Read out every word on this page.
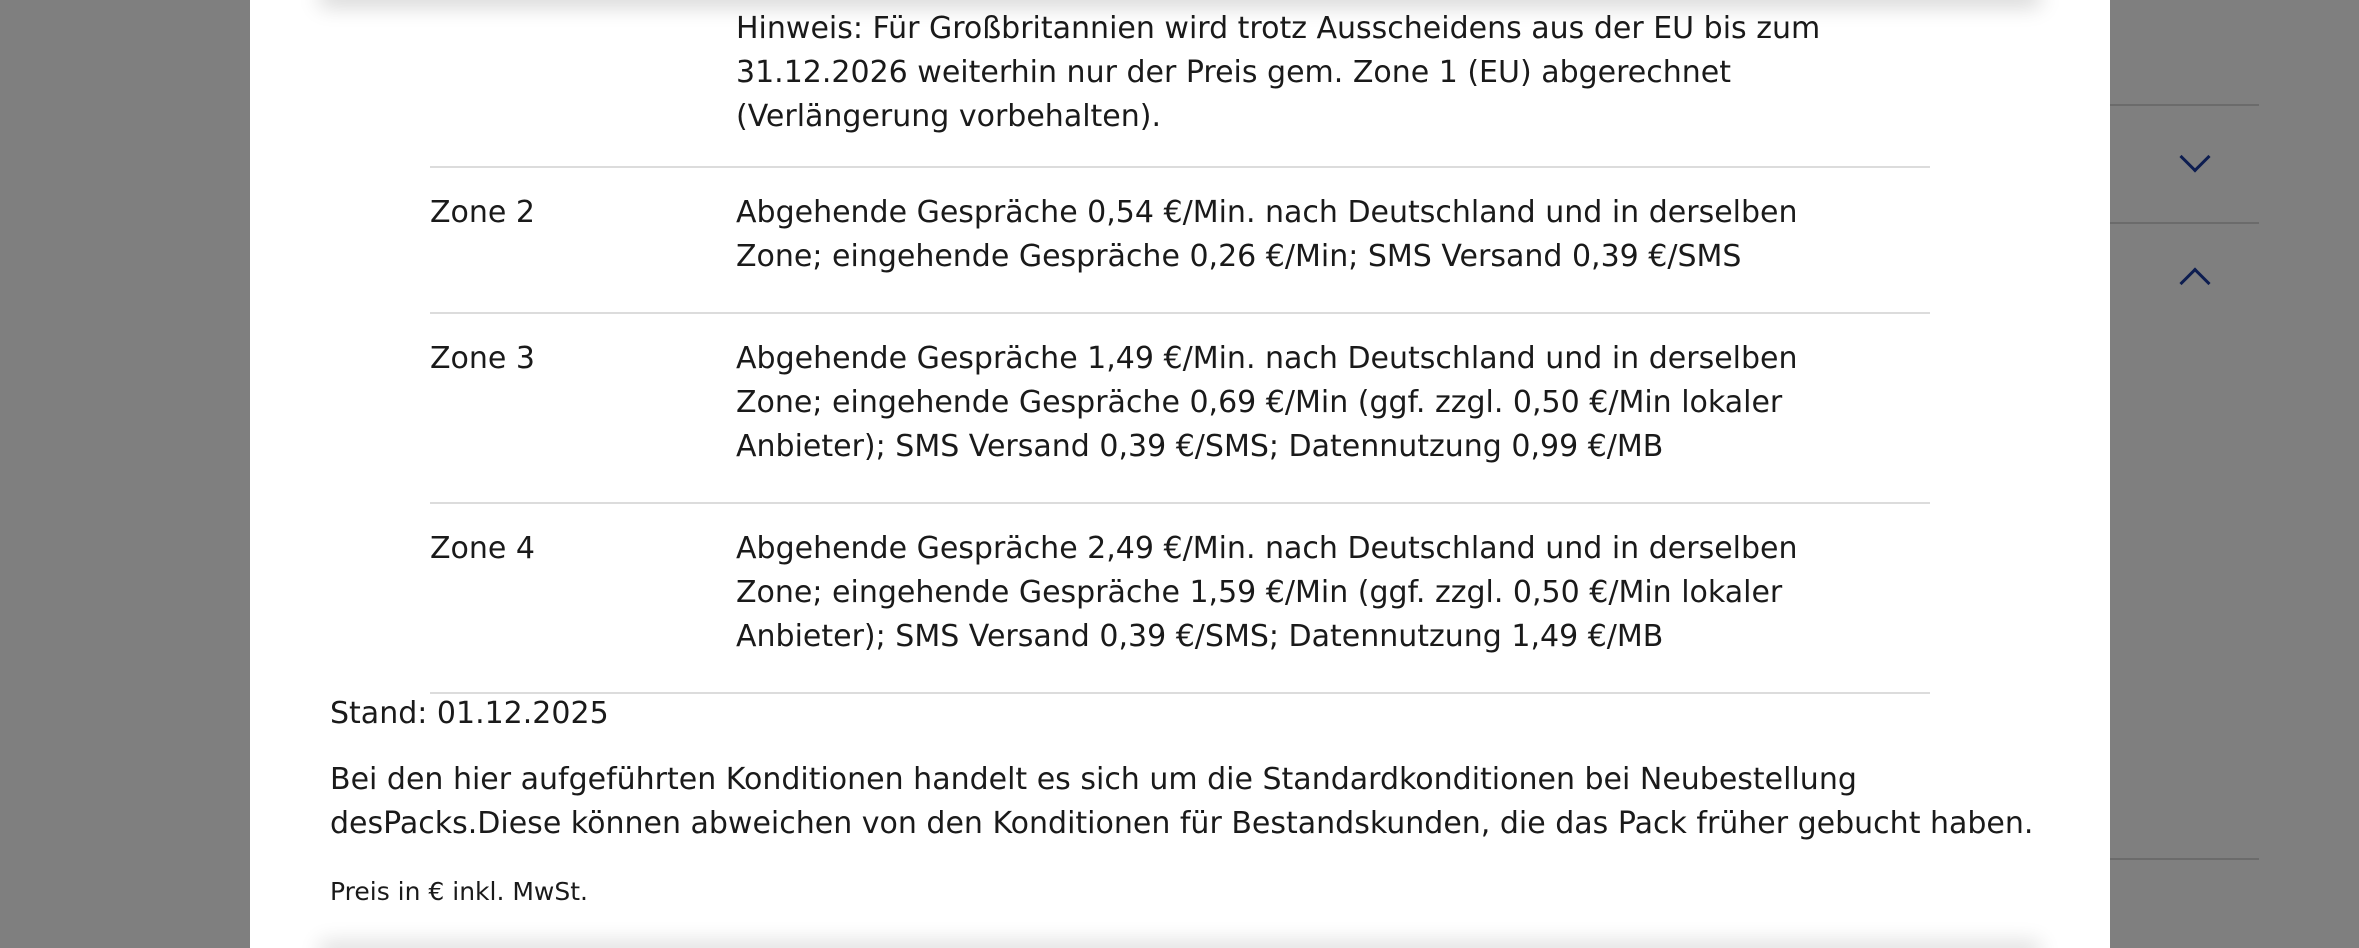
Hinweis: Für Großbritannien wird trotz Ausscheidens aus der EU bis zum 31.12.2026 weiterhin nur der Preis gem. Zone 1 (EU) abgerechnet (Verlängerung vorbehalten).
Zone 2	Abgehende Gespräche 0,54 €/Min. nach Deutschland und in derselben Zone; eingehende Gespräche 0,26 €/Min; SMS Versand 0,39 €/SMS
Zone 3	Abgehende Gespräche 1,49 €/Min. nach Deutschland und in derselben Zone; eingehende Gespräche 0,69 €/Min (ggf. zzgl. 0,50 €/Min lokaler Anbieter); SMS Versand 0,39 €/SMS; Datennutzung 0,99 €/MB
Zone 4	Abgehende Gespräche 2,49 €/Min. nach Deutschland und in derselben Zone; eingehende Gespräche 1,59 €/Min (ggf. zzgl. 0,50 €/Min lokaler Anbieter); SMS Versand 0,39 €/SMS; Datennutzung 1,49 €/MB
Stand: 01.12.2025
Bei den hier aufgeführten Konditionen handelt es sich um die Standardkonditionen bei Neubestellung desPacks.Diese können abweichen von den Konditionen für Bestandskunden, die das Pack früher gebucht haben.
Preis in € inkl. MwSt.
